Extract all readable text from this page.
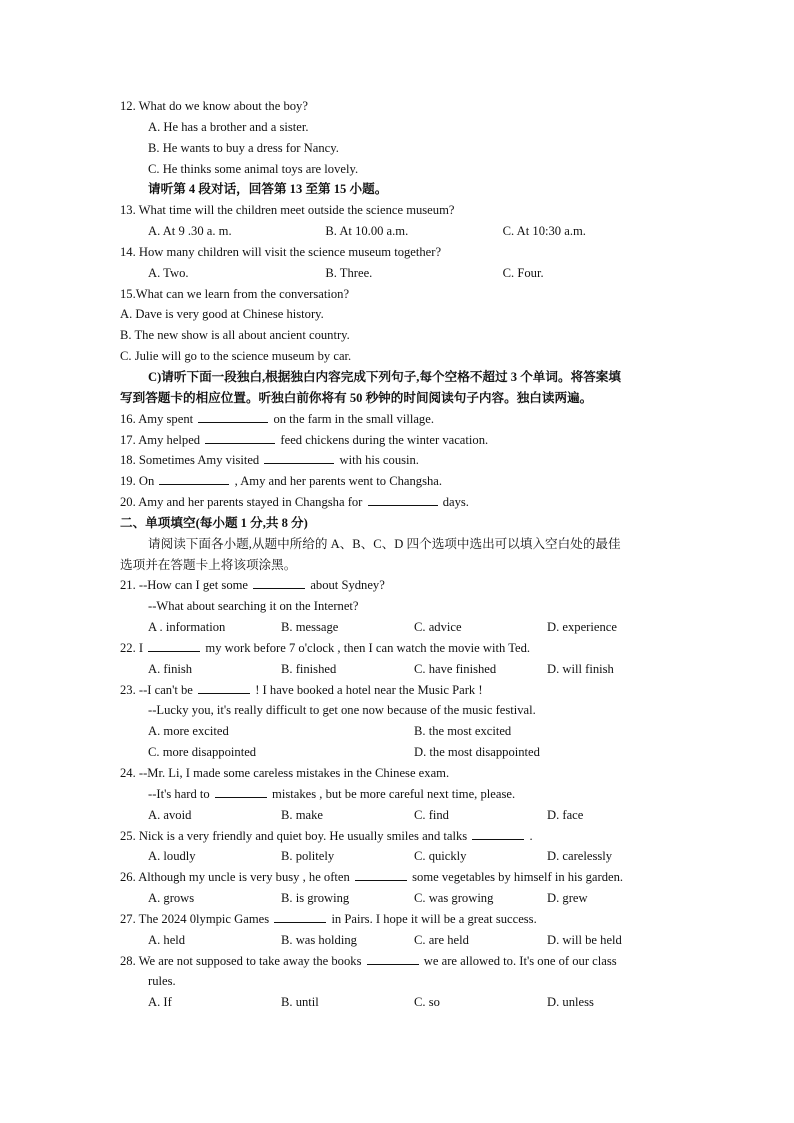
12. What do we know about the boy?
A. He has a brother and a sister.
B. He wants to buy a dress for Nancy.
C. He thinks some animal toys are lovely.
请听第 4 段对话，回答第 13 至第 15 小题。
13. What time will the children meet outside the science museum?
A. At 9 .30 a. m.	B. At 10.00 a.m.	C. At 10:30 a.m.
14. How many children will visit the science museum together?
A. Two.	B. Three.	C. Four.
15.What can we learn from the conversation?
A. Dave is very good at Chinese history.
B. The new show is all about ancient country.
C. Julie will go to the science museum by car.
C)请听下面一段独白,根据独白内容完成下列句子,每个空格不超过 3 个单词。将答案填
写到答题卡的相应位置。听独白前你将有 50 秒钟的时间阅读句子内容。独白读两遍。
16. Amy spent	on the farm in the small village.
17. Amy helped	feed chickens during the winter vacation.
18. Sometimes Amy visited	with his cousin.
19. On	, Amy and her parents went to Changsha.
20. Amy and her parents stayed in Changsha for	days.
二、单项填空(每小题 1 分,共 8 分)
请阅读下面各小题,从题中所给的 A、B、C、D 四个选项中选出可以填入空白处的最佳
选项并在答题卡上将该项涂黑。
21. --How can I get some	about Sydney?
--What about searching it on the Internet?
A . information	B. message	C. advice	D. experience
22. I	my work before 7 o'clock , then I can watch the movie with Ted.
A. finish	B. finished	C. have finished	D. will finish
23. --I can't be	! I have booked a hotel near the Music Park !
--Lucky you, it's really difficult to get one now because of the music festival.
A. more excited	B. the most excited
C. more disappointed	D. the most disappointed
24. --Mr. Li, I made some careless mistakes in the Chinese exam.
--It's hard to	mistakes , but be more careful next time, please.
A. avoid	B. make	C. find	D. face
25. Nick is a very friendly and quiet boy. He usually smiles and talks	.
A. loudly	B. politely	C. quickly	D. carelessly
26. Although my uncle is very busy , he often	some vegetables by himself in his garden.
A. grows	B. is growing	C. was growing	D. grew
27. The 2024 0lympic Games	in Pairs. I hope it will be a great success.
A. held	B. was holding	C. are held	D. will be held
28. We are not supposed to take away the books	we are allowed to. It's one of our class
rules.
A. If	B. until	C. so	D. unless
